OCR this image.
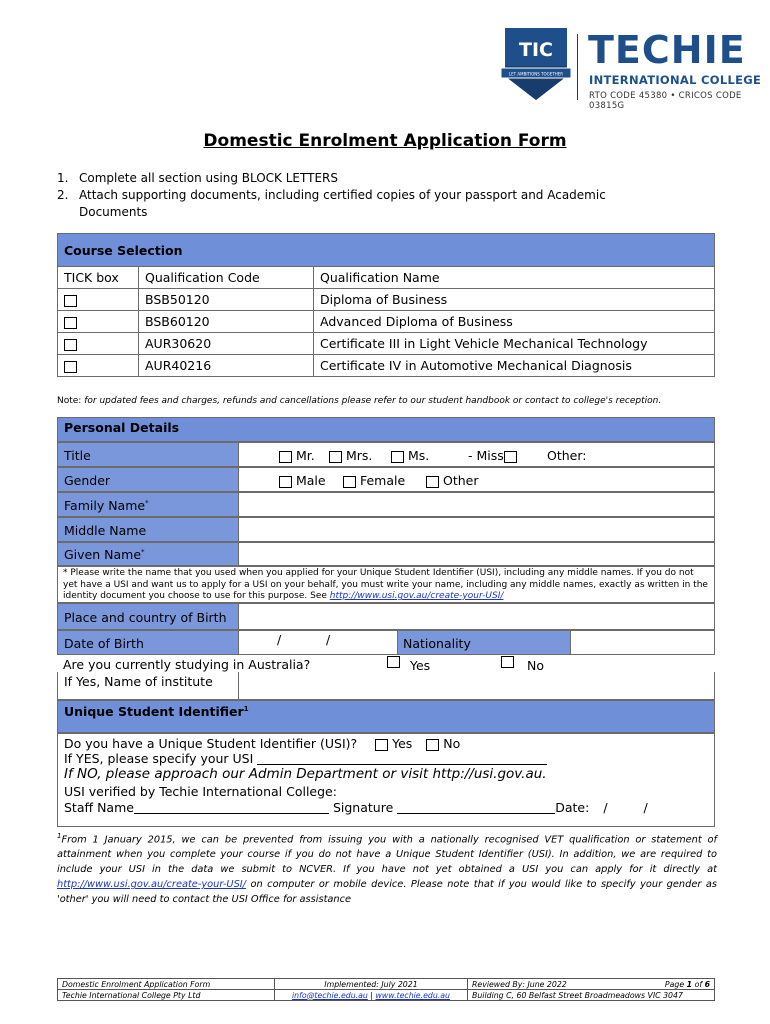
TIC
LET AMBITIONS TOGETHER
TECHIE
INTERNATIONAL COLLEGE
RTO CODE 45380 • CRICOS CODE 03815G
Domestic Enrolment Application Form
1. Complete all section using BLOCK LETTERS
2. Attach supporting documents, including certified copies of your passport and Academic
Documents
Course Selection		
TICK box	Qualification Code	Qualification Name
	BSB50120	Diploma of Business
	BSB60120	Advanced Diploma of Business
	AUR30620	Certificate III in Light Vehicle Mechanical Technology
	AUR40216	Certificate IV in Automotive Mechanical Diagnosis
Note: for updated fees and charges, refunds and cancellations please refer to our student handbook or contact to college's reception.
Personal Details
Title	Mr.	Mrs.	Ms.	- Miss	Other:
Gender	Male	Female	Other
Family Name*
Middle Name
Given Name*
* Please write the name that you used when you applied for your Unique Student Identifier (USI), including any middle names. If you do not yet have a USI and want us to apply for a USI on your behalf, you must write your name, including any middle names, exactly as written in the identity document you choose to use for this purpose. See http://www.usi.gov.au/create-your-USI/
Place and country of Birth
Date of Birth	/	/	Nationality
Are you currently studying in Australia?	Yes	No
If Yes, Name of institute
Unique Student Identifier$^1$
Do you have a Unique Student Identifier (USI)?	Yes No
If YES, please specify your USI
If NO, please approach our Admin Department or visit http://usi.gov.au.
USI verified by Techie International College:
Staff Name	Signature	Date: /	/
$^1$From 1 January 2015, we can be prevented from issuing you with a nationally recognised VET qualification or statement of attainment when you complete your course if you do not have a Unique Student Identifier (USI). In addition, we are required to include your USI in the data we submit to NCVER. If you have not yet obtained a USI you can apply for it directly at http://www.usi.gov.au/create-your-USI/ on computer or mobile device. Please note that if you would like to specify your gender as 'other' you will need to contact the USI Office for assistance
Domestic Enrolment Application Form	Implemented: July 2021	Reviewed By: June 2022	Page 1 of 6
Techie International College Pty Ltd	info@techie.edu.au | www.techie.edu.au	Building C, 60 Belfast Street Broadmeadows VIC 3047	
